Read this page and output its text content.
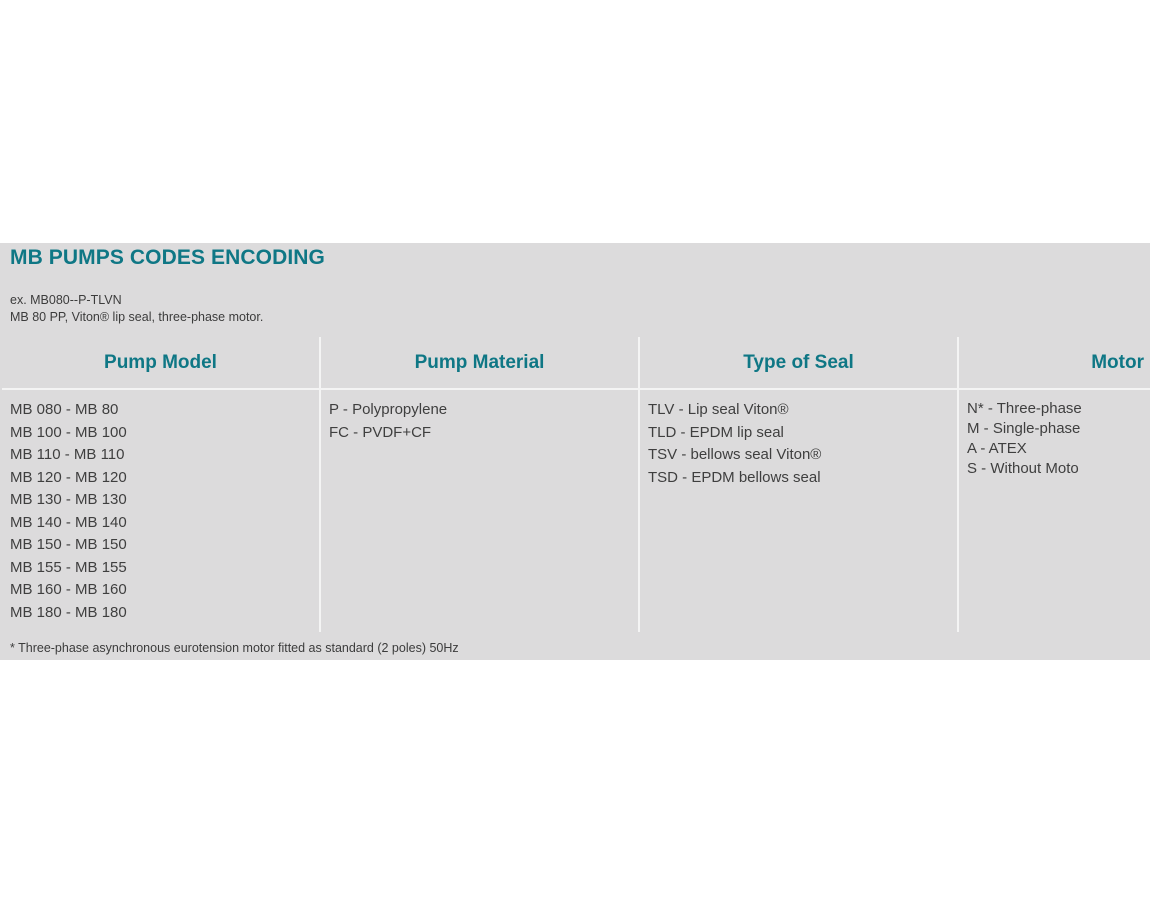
MB PUMPS CODES ENCODING
ex. MB080--P-TLVN
MB 80 PP, Viton® lip seal, three-phase motor.
Pump Model
MB 080 - MB 80
MB 100 - MB 100
MB 110 - MB 110
MB 120 - MB 120
MB 130 - MB 130
MB 140 - MB 140
MB 150 - MB 150
MB 155 - MB 155
MB 160 - MB 160
MB 180 - MB 180
Pump Material
P - Polypropylene
FC - PVDF+CF
Type of Seal
TLV - Lip seal Viton®
TLD - EPDM lip seal
TSV - bellows seal Viton®
TSD - EPDM bellows seal
Motor
N* - Three-phase
M - Single-phase
A - ATEX
S - Without Moto
* Three-phase asynchronous eurotension motor fitted as standard (2 poles) 50Hz
